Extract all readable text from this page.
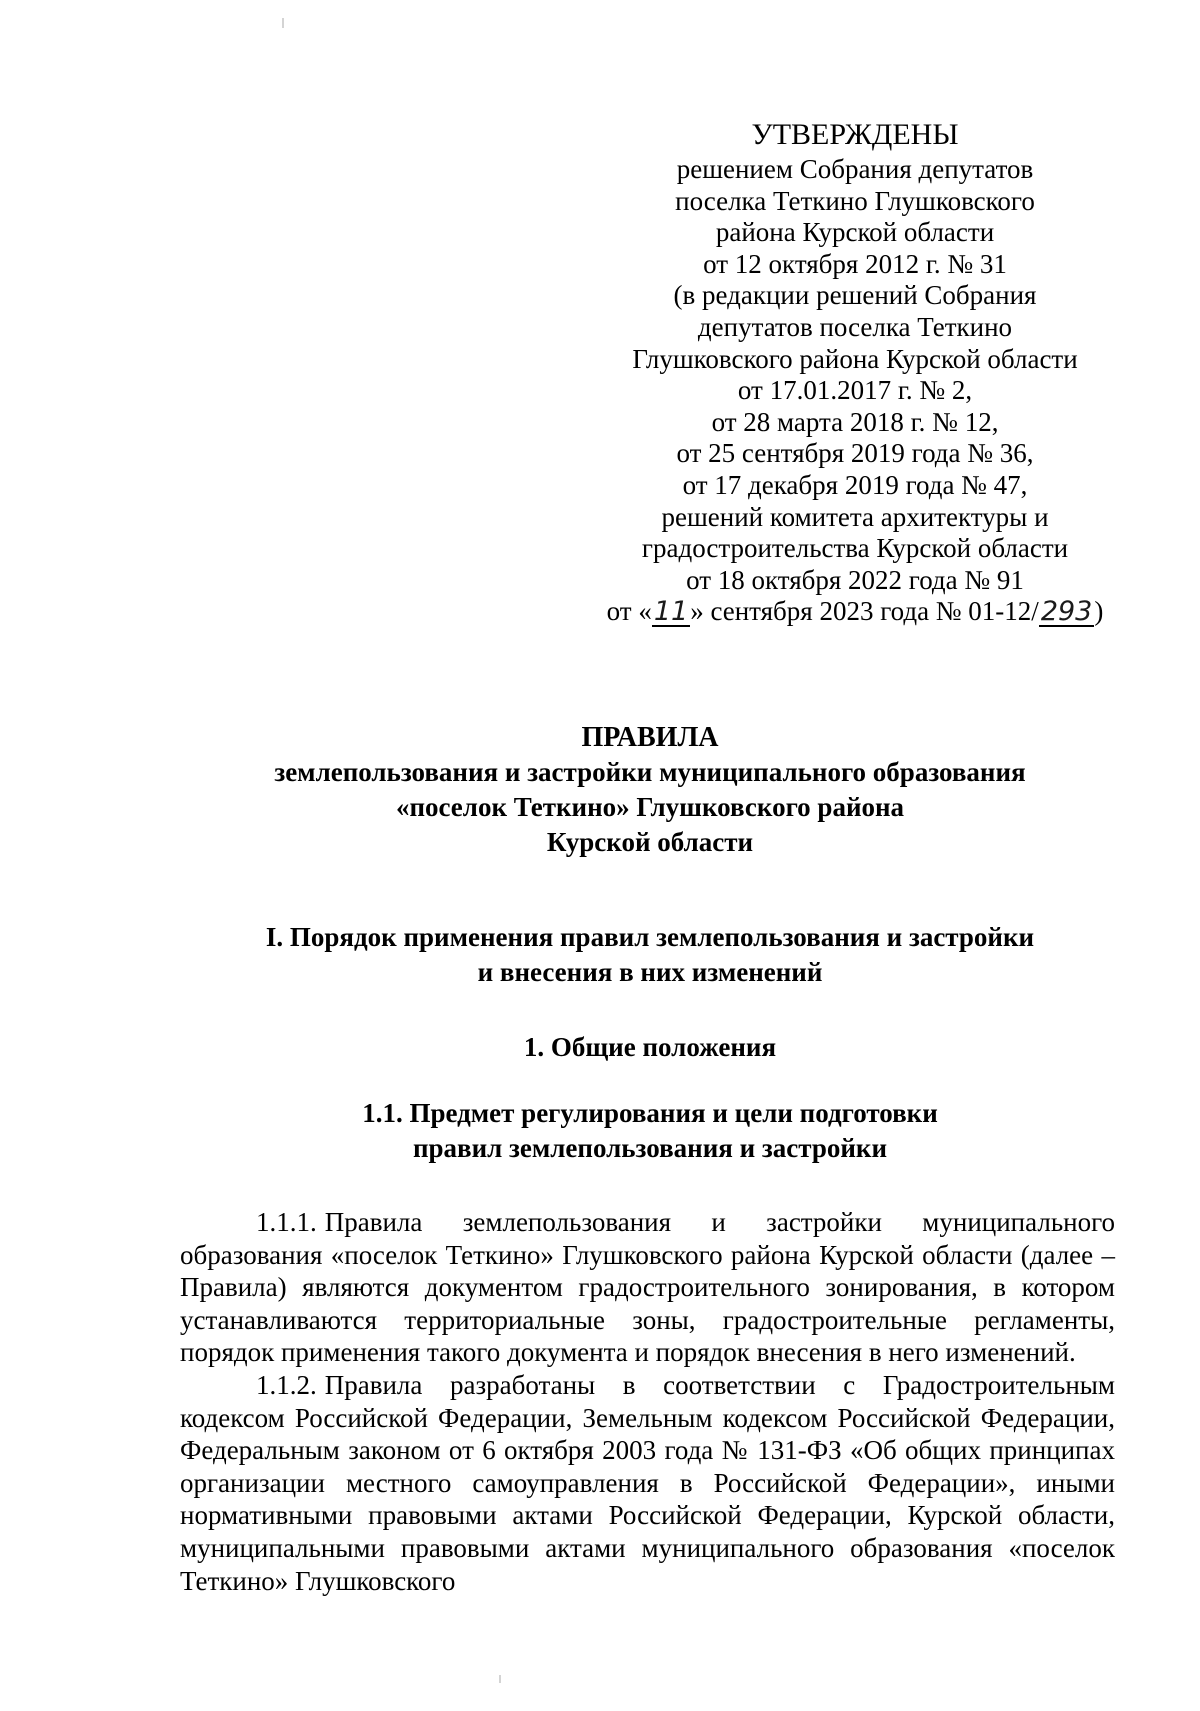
УТВЕРЖДЕНЫ
решением Собрания депутатов
поселка Теткино Глушковского
района Курской области
от 12 октября 2012 г. № 31
(в редакции решений Собрания
депутатов поселка Теткино
Глушковского района Курской области
от 17.01.2017 г. № 2,
от 28 марта 2018 г. № 12,
от 25 сентября 2019 года № 36,
от 17 декабря 2019 года № 47,
решений комитета архитектуры и
градостроительства Курской области
от 18 октября 2022 года № 91
от «11» сентября 2023 года № 01-12/293)
ПРАВИЛА
землепользования и застройки муниципального образования
«поселок Теткино» Глушковского района
Курской области
I. Порядок применения правил землепользования и застройки
и внесения в них изменений
1. Общие положения
1.1. Предмет регулирования и цели подготовки
правил землепользования и застройки

1.1.1. Правила землепользования и застройки муниципального образования «поселок Теткино» Глушковского района Курской области (далее – Правила) являются документом градостроительного зонирования, в котором устанавливаются территориальные зоны, градостроительные регламенты, порядок применения такого документа и порядок внесения в него изменений.

1.1.2. Правила разработаны в соответствии с Градостроительным кодексом Российской Федерации, Земельным кодексом Российской Федерации, Федеральным законом от 6 октября 2003 года № 131-ФЗ «Об общих принципах организации местного самоуправления в Российской Федерации», иными нормативными правовыми актами Российской Федерации, Курской области, муниципальными правовыми актами муниципального образования «поселок Теткино» Глушковского
